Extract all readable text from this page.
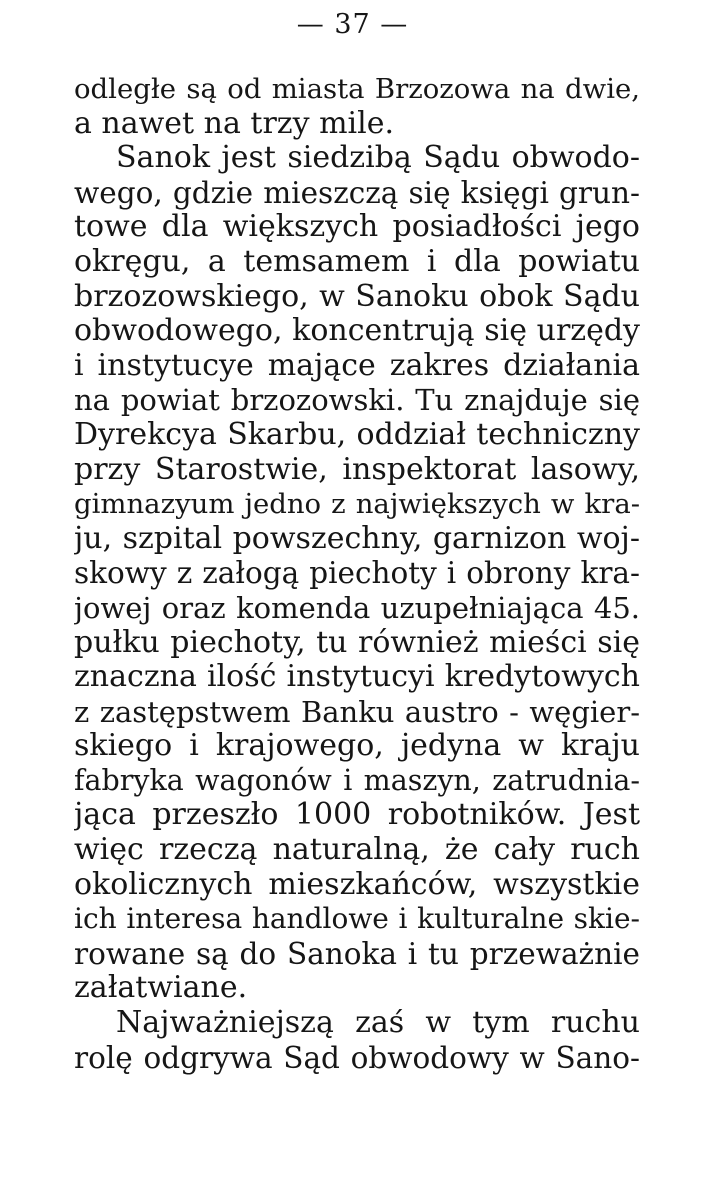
— 37 —
odległe są od miasta Brzozowa na dwie,
a nawet na trzy mile.
Sanok jest siedzibą Sądu obwodo-
wego, gdzie mieszczą się księgi grun-
towe dla większych posiadłości jego
okręgu, a temsamem i dla powiatu
brzozowskiego, w Sanoku obok Sądu
obwodowego, koncentrują się urzędy
i instytucye mające zakres działania
na powiat brzozowski. Tu znajduje się
Dyrekcya Skarbu, oddział techniczny
przy Starostwie, inspektorat lasowy,
gimnazyum jedno z największych w kra-
ju, szpital powszechny, garnizon woj-
skowy z załogą piechoty i obrony kra-
jowej oraz komenda uzupełniająca 45.
pułku piechoty, tu również mieści się
znaczna ilość instytucyi kredytowych
z zastępstwem Banku austro - węgier-
skiego i krajowego, jedyna w kraju
fabryka wagonów i maszyn, zatrudnia-
jąca przeszło 1000 robotników. Jest
więc rzeczą naturalną, że cały ruch
okolicznych mieszkańców, wszystkie
ich interesa handlowe i kulturalne skie-
rowane są do Sanoka i tu przeważnie
załatwiane.
Najważniejszą zaś w tym ruchu
rolę odgrywa Sąd obwodowy w Sano-
